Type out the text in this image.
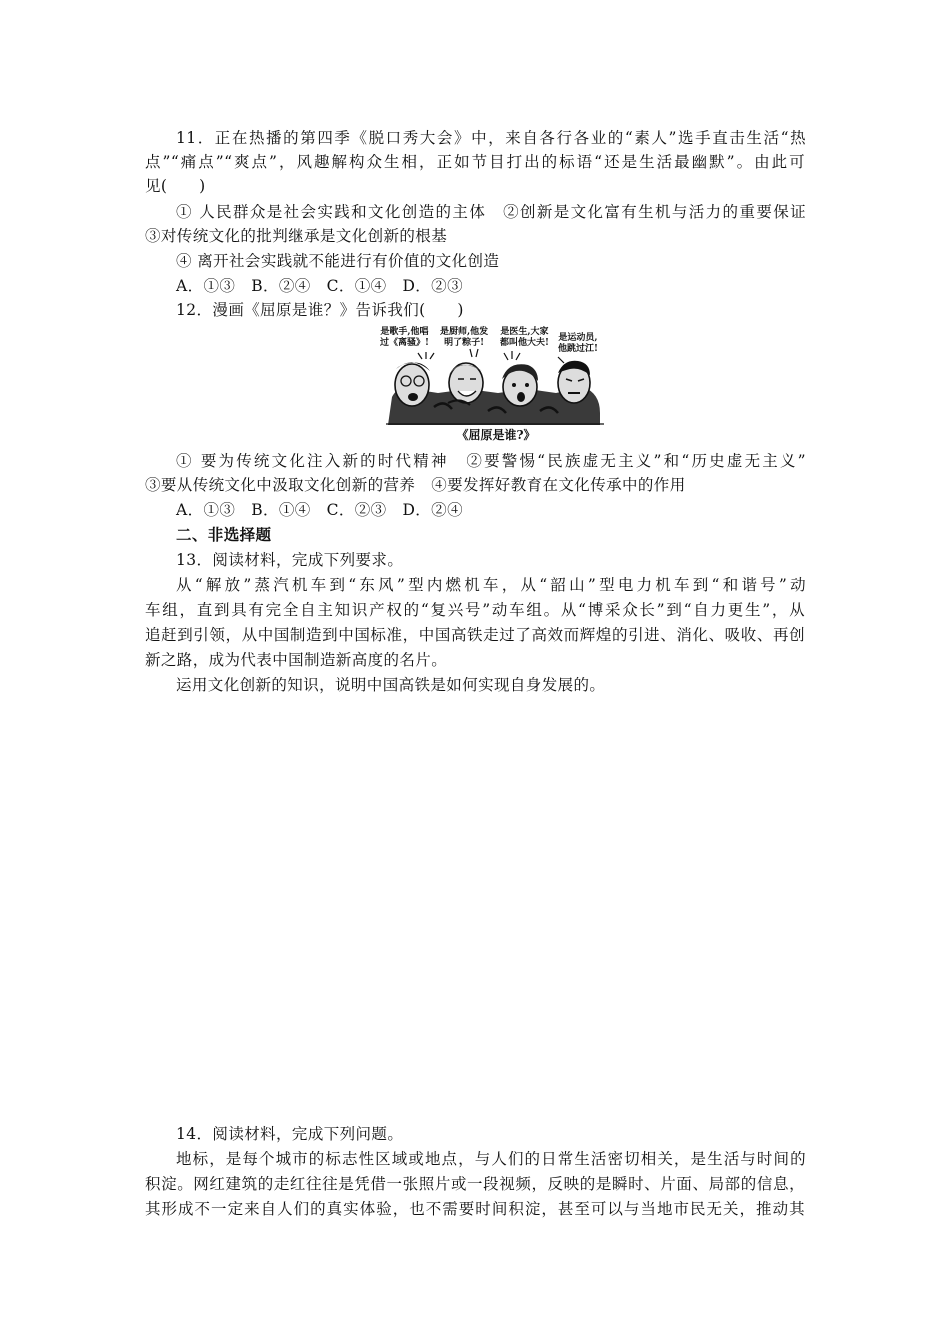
11．正在热播的第四季《脱口秀大会》中，来自各行各业的“素人”选手直击生活“热
点”“痛点”“爽点”，风趣解构众生相，正如节目打出的标语“还是生活最幽默”。由此可
见(　　)
① 人民群众是社会实践和文化创造的主体　②创新是文化富有生机与活力的重要保证
③对传统文化的批判继承是文化创新的根基
④ 离开社会实践就不能进行有价值的文化创造
A．①③　B．②④　C．①④　D．②③
12．漫画《屈原是谁？》告诉我们(　　)
是歌手,他唱
过《离骚》!
是厨师,他发
明了粽子!
是医生,大家
都叫他大夫! 是运动员,
他跳过江!
《屈原是谁?》
① 要为传统文化注入新的时代精神　②要警惕“民族虚无主义”和“历史虚无主义”
③要从传统文化中汲取文化创新的营养　④要发挥好教育在文化传承中的作用
A．①③　B．①④　C．②③　D．②④
二、非选择题
13．阅读材料，完成下列要求。
从“解放”蒸汽机车到“东风”型内燃机车，从“韶山”型电力机车到“和谐号”动
车组，直到具有完全自主知识产权的“复兴号”动车组。从“博采众长”到“自力更生”，从
追赶到引领，从中国制造到中国标准，中国高铁走过了高效而辉煌的引进、消化、吸收、再创
新之路，成为代表中国制造新高度的名片。
运用文化创新的知识，说明中国高铁是如何实现自身发展的。
14．阅读材料，完成下列问题。
地标，是每个城市的标志性区域或地点，与人们的日常生活密切相关，是生活与时间的
积淀。网红建筑的走红往往是凭借一张照片或一段视频，反映的是瞬时、片面、局部的信息，
其形成不一定来自人们的真实体验，也不需要时间积淀，甚至可以与当地市民无关，推动其
